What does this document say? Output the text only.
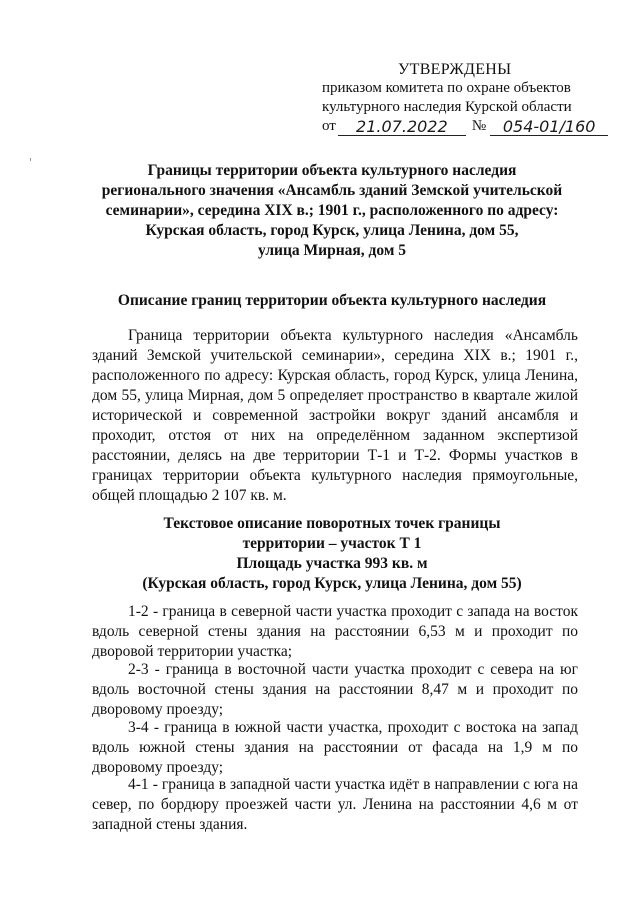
УТВЕРЖДЕНЫ
приказом комитета по охране объектов
культурного наследия Курской области
от	21.07.2022	№	054-01/160
Границы территории объекта культурного наследия
регионального значения «Ансамбль зданий Земской учительской
семинарии», середина XIX в.; 1901 г., расположенного по адресу:
Курская область, город Курск, улица Ленина, дом 55,
улица Мирная, дом 5
Описание границ территории объекта культурного наследия

Граница территории объекта культурного наследия «Ансамбль зданий Земской учительской семинарии», середина XIX в.; 1901 г., расположенного по адресу: Курская область, город Курск, улица Ленина, дом 55, улица Мирная, дом 5 определяет пространство в квартале жилой исторической и современной застройки вокруг зданий ансамбля и проходит, отстоя от них на определённом заданном экспертизой расстоянии, делясь на две территории Т-1 и Т-2. Формы участков в границах территории объекта культурного наследия прямоугольные, общей площадью 2 107 кв. м.

Текстовое описание поворотных точек границы
территории – участок Т 1
Площадь участка 993 кв. м
(Курская область, город Курск, улица Ленина, дом 55)

1-2 - граница в северной части участка проходит с запада на восток вдоль северной стены здания на расстоянии 6,53 м и проходит по дворовой территории участка;

2-3 - граница в восточной части участка проходит с севера на юг вдоль восточной стены здания на расстоянии 8,47 м и проходит по дворовому проезду;

3-4 - граница в южной части участка, проходит с востока на запад вдоль южной стены здания на расстоянии от фасада на 1,9 м по дворовому проезду;

4-1 - граница в западной части участка идёт в направлении с юга на север, по бордюру проезжей части ул. Ленина на расстоянии 4,6 м от западной стены здания.
